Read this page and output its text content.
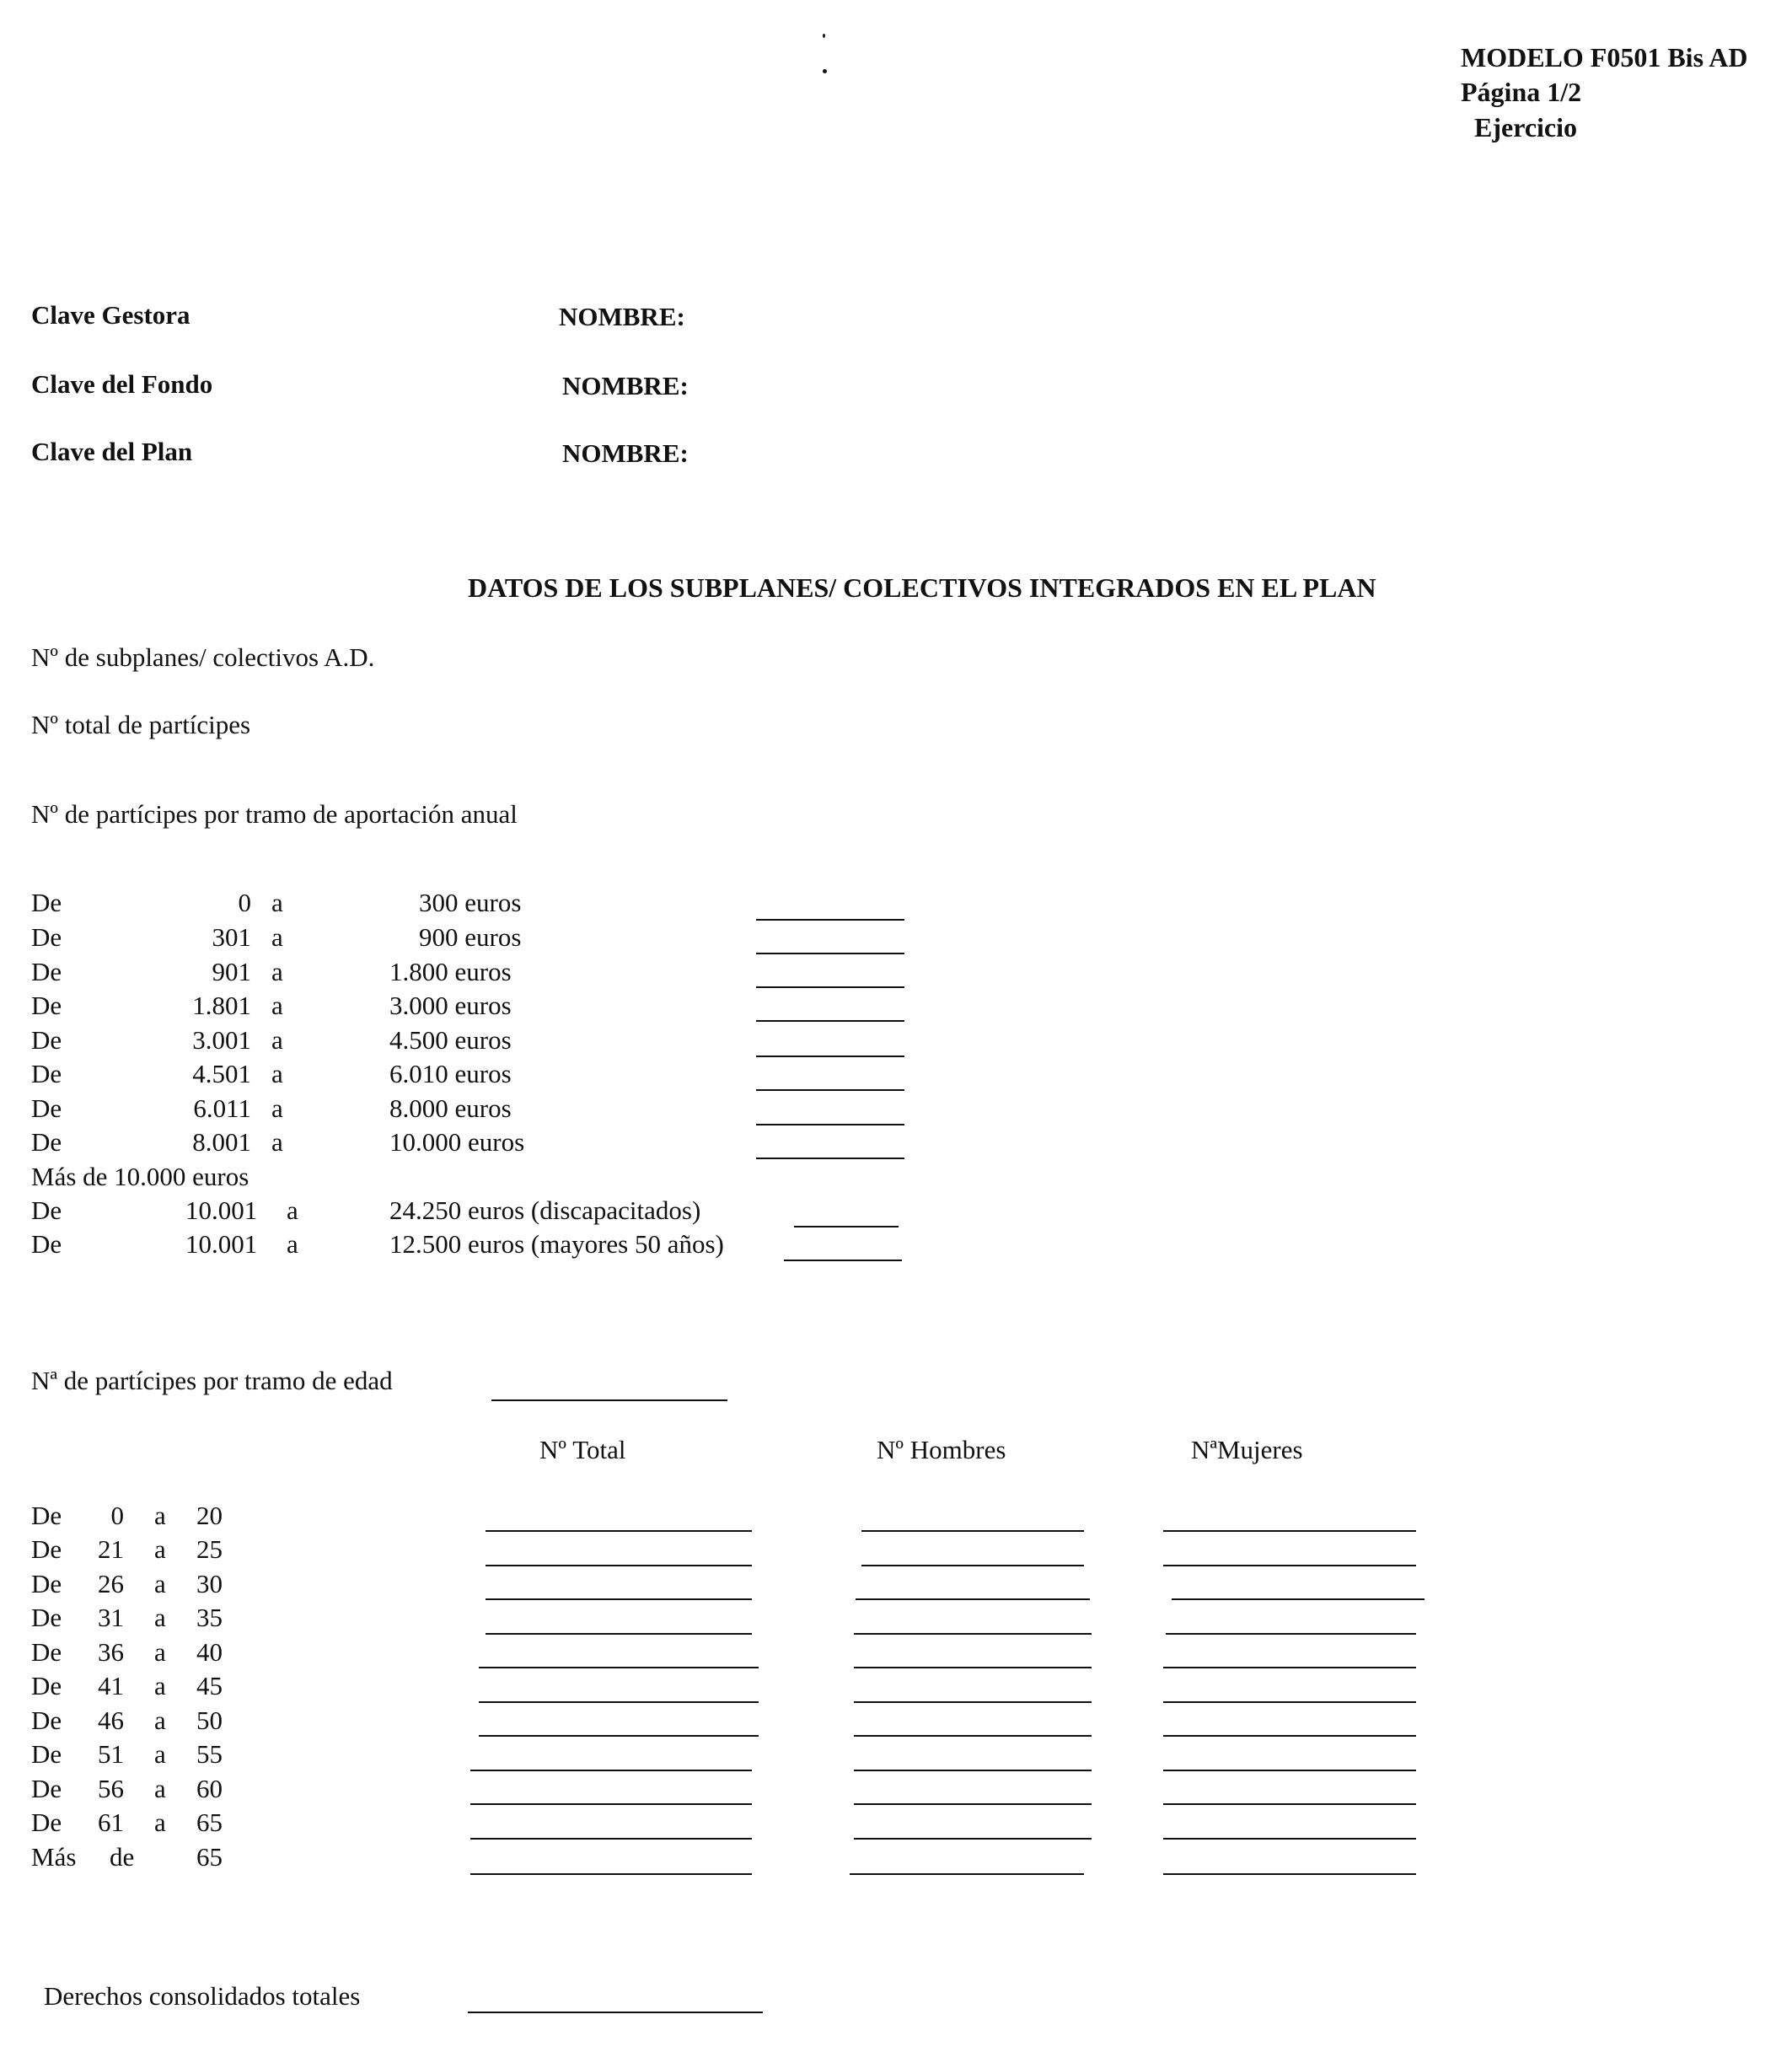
MODELO F0501 Bis AD
Página 1/2
Ejercicio
Clave Gestora	NOMBRE:
Clave del Fondo	NOMBRE:
Clave del Plan	NOMBRE:
DATOS DE LOS SUBPLANES/ COLECTIVOS INTEGRADOS EN EL PLAN
Nº de subplanes/ colectivos A.D.
Nº total de partícipes
Nº de partícipes por tramo de aportación anual
De	0 a	300 euros
De	301 a	900 euros
De	901 a	1.800 euros
De	1.801 a	3.000 euros
De	3.001 a	4.500 euros
De	4.501 a	6.010 euros
De	6.011 a	8.000 euros
De	8.001 a	10.000 euros
Más de 10.000 euros
De	10.001 a	24.250 euros (discapacitados)
De	10.001 a	12.500 euros (mayores 50 años)
Nª de partícipes por tramo de edad
Nº Total	Nº Hombres	NªMujeres
De	0 a 20
De 21 a 25
De 26 a 30
De 31 a 35
De 36 a 40
De 41 a 45
De 46 a 50
De 51 a 55
De 56 a 60
De 61 a 65
Más de 65
Derechos consolidados totales
